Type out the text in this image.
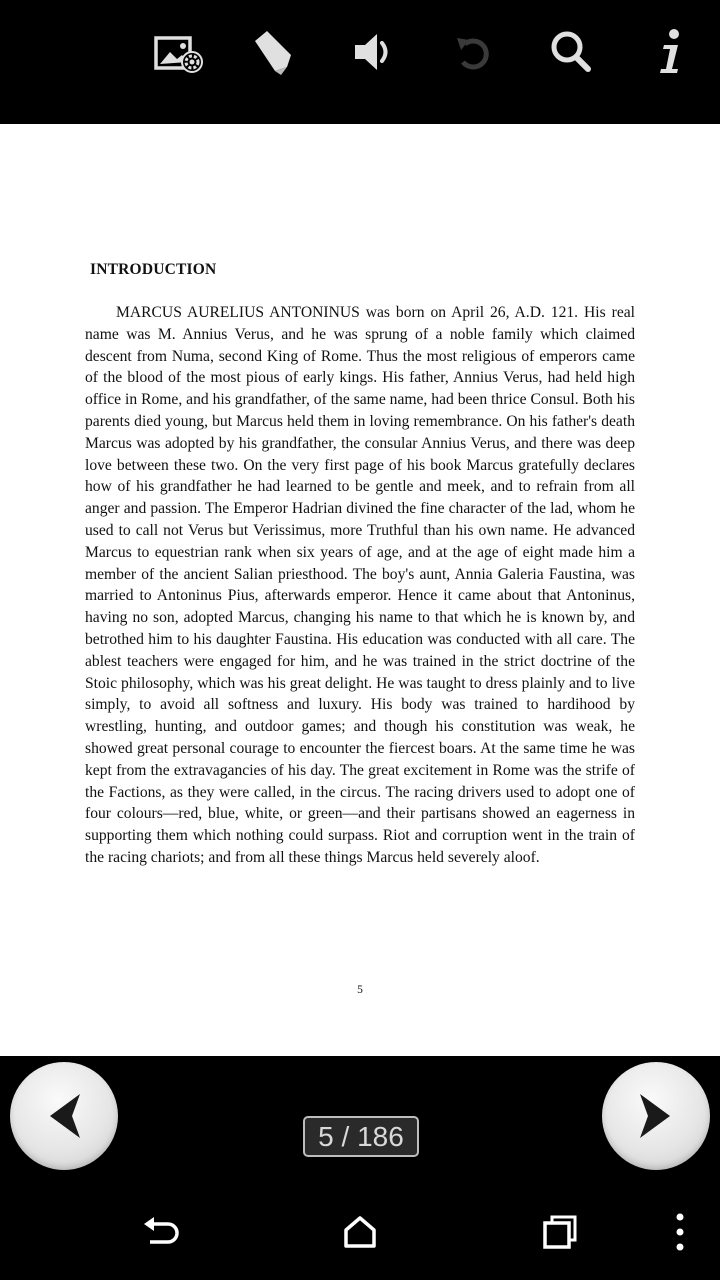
INTRODUCTION

MARCUS AURELIUS ANTONINUS was born on April 26, A.D. 121. His real name was M. Annius Verus, and he was sprung of a noble family which claimed descent from Numa, second King of Rome. Thus the most religious of emperors came of the blood of the most pious of early kings. His father, Annius Verus, had held high office in Rome, and his grandfather, of the same name, had been thrice Consul. Both his parents died young, but Marcus held them in loving remembrance. On his father's death Marcus was adopted by his grandfather, the consular Annius Verus, and there was deep love between these two. On the very first page of his book Marcus gratefully declares how of his grandfather he had learned to be gentle and meek, and to refrain from all anger and passion. The Emperor Hadrian divined the fine character of the lad, whom he used to call not Verus but Verissimus, more Truthful than his own name. He advanced Marcus to equestrian rank when six years of age, and at the age of eight made him a member of the ancient Salian priesthood. The boy's aunt, Annia Galeria Faustina, was married to Antoninus Pius, afterwards emperor. Hence it came about that Antoninus, having no son, adopted Marcus, changing his name to that which he is known by, and betrothed him to his daughter Faustina. His education was conducted with all care. The ablest teachers were engaged for him, and he was trained in the strict doctrine of the Stoic philosophy, which was his great delight. He was taught to dress plainly and to live simply, to avoid all softness and luxury. His body was trained to hardihood by wrestling, hunting, and outdoor games; and though his constitution was weak, he showed great personal courage to encounter the fiercest boars. At the same time he was kept from the extravagancies of his day. The great excitement in Rome was the strife of the Factions, as they were called, in the circus. The racing drivers used to adopt one of four colours—red, blue, white, or green—and their partisans showed an eagerness in supporting them which nothing could surpass. Riot and corruption went in the train of the racing chariots; and from all these things Marcus held severely aloof.

5
5 / 186
